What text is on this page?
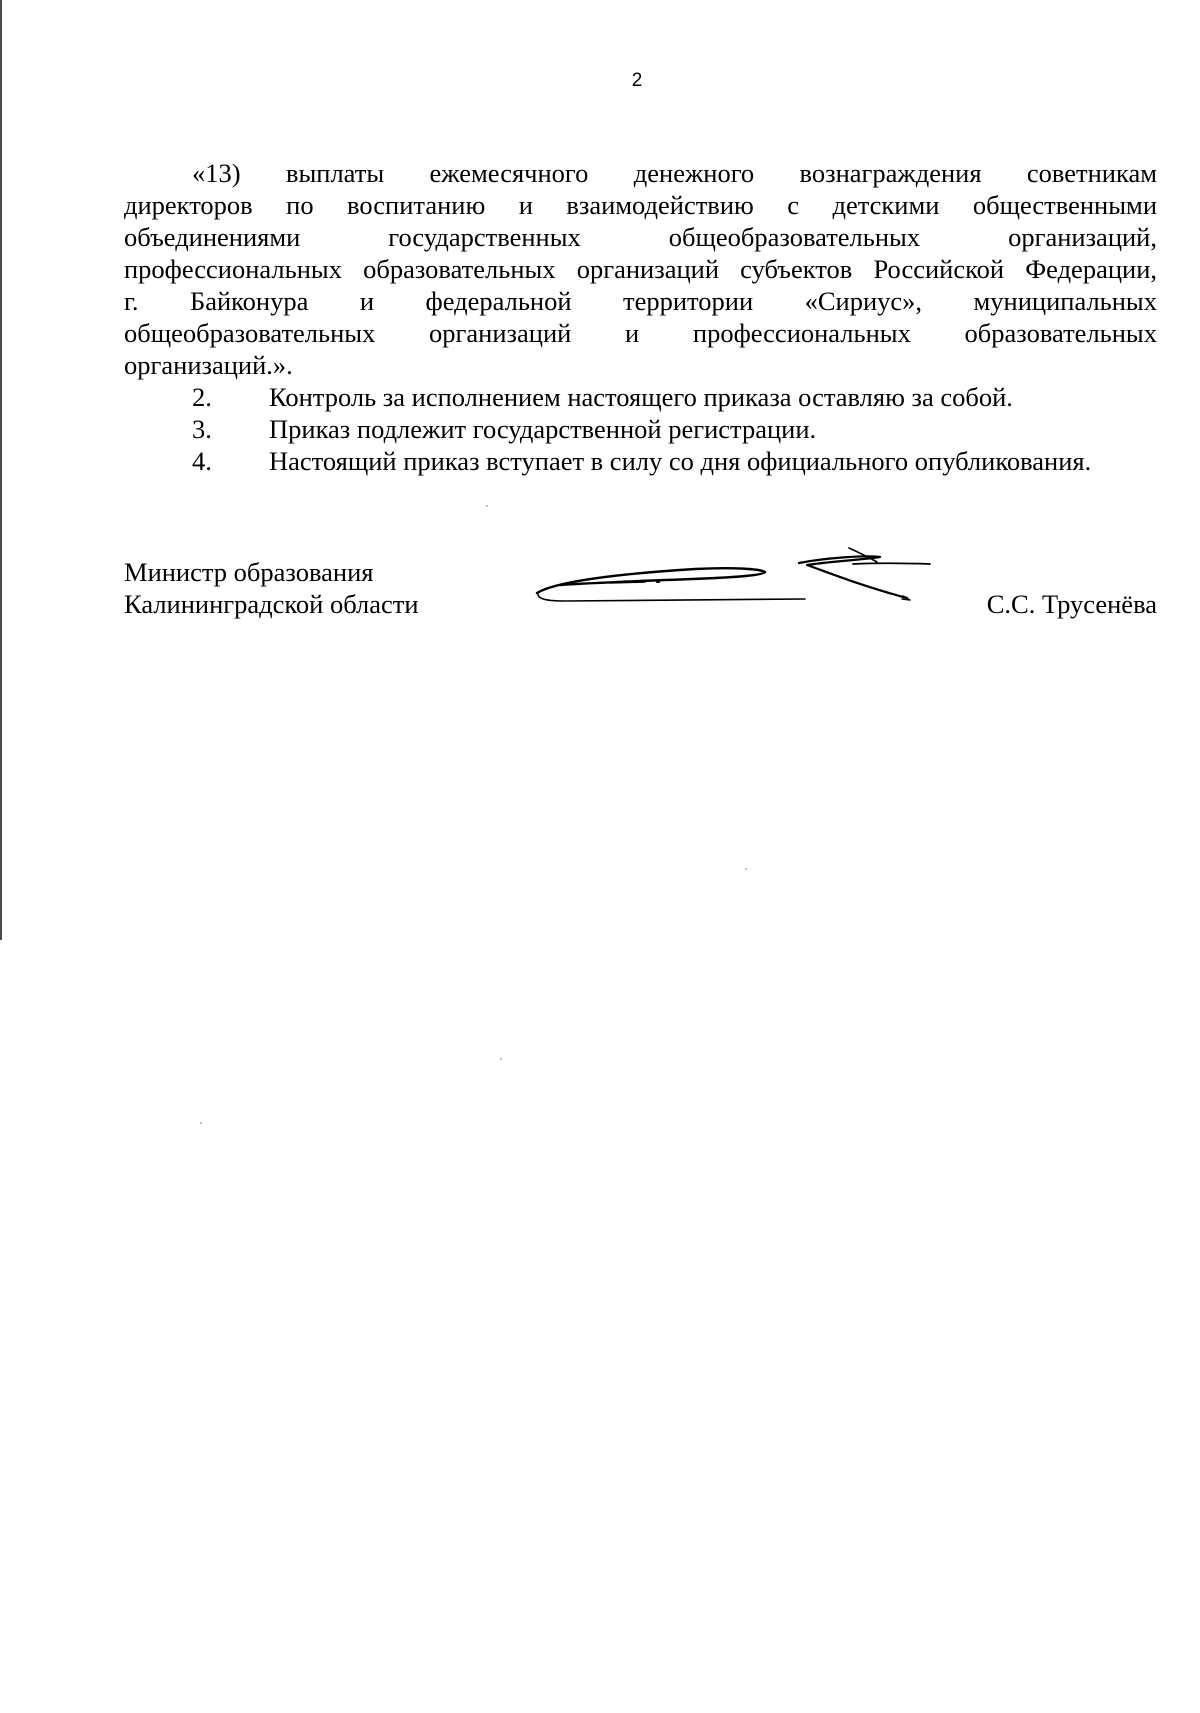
2
«13) выплаты ежемесячного денежного вознаграждения советникам
директоров по воспитанию и взаимодействию с детскими общественными
объединениями государственных общеобразовательных организаций,
профессиональных образовательных организаций субъектов Российской Федерации,
г. Байконура и федеральной территории «Сириус», муниципальных
общеобразовательных организаций и профессиональных образовательных
организаций.».
2. Контроль за исполнением настоящего приказа оставляю за собой.
3. Приказ подлежит государственной регистрации.
4. Настоящий приказ вступает в силу со дня официального опубликования.
Министр образования
Калининградской области	С.С. Трусенёва
